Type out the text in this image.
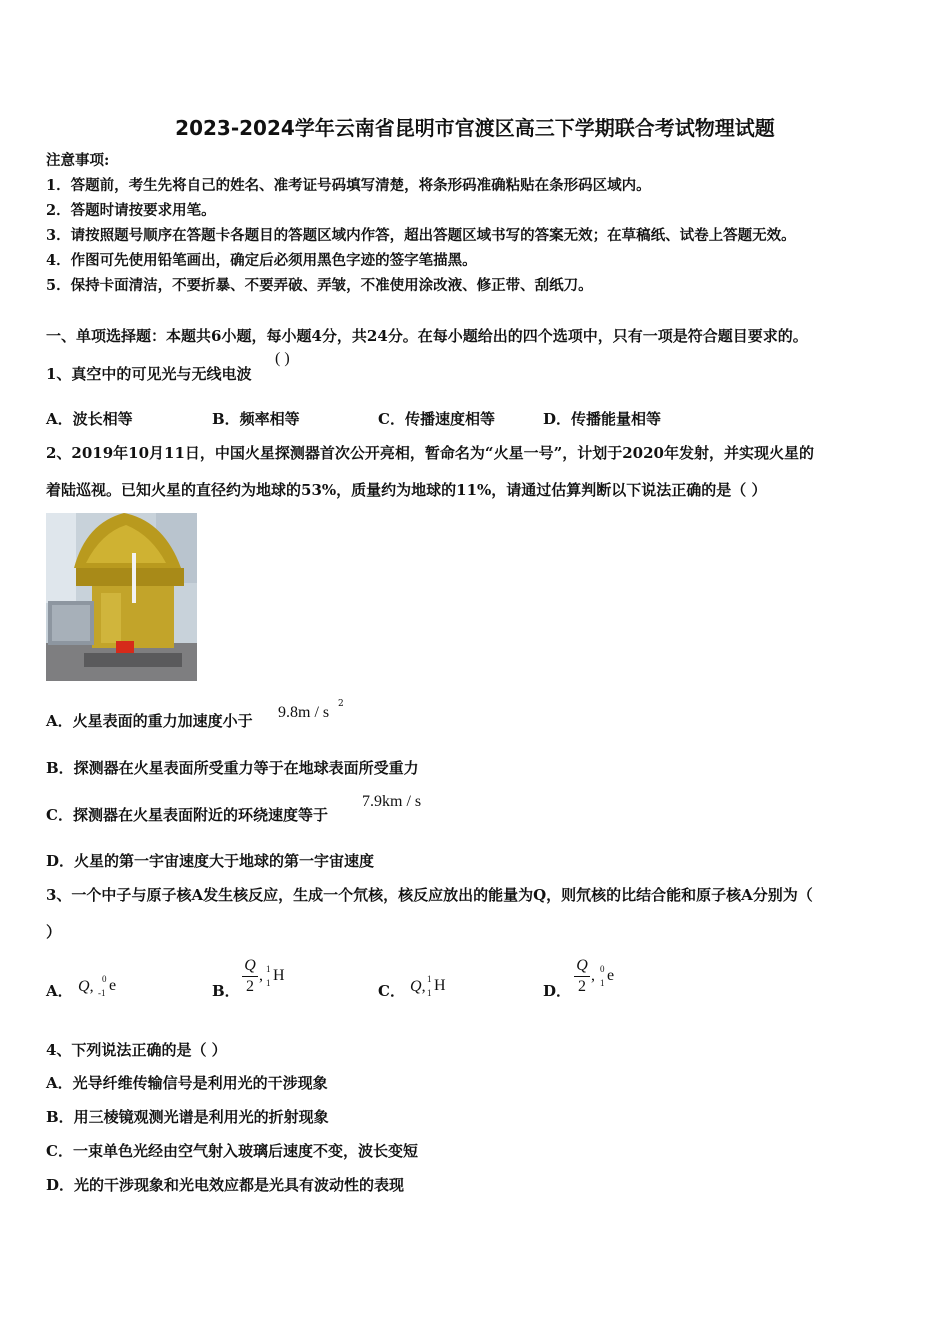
2023-2024学年云南省昆明市官渡区高三下学期联合考试物理试题
注意事项:
1．答题前，考生先将自己的姓名、准考证号码填写清楚，将条形码准确粘贴在条形码区域内。
2．答题时请按要求用笔。
3．请按照题号顺序在答题卡各题目的答题区域内作答，超出答题区域书写的答案无效；在草稿纸、试卷上答题无效。
4．作图可先使用铅笔画出，确定后必须用黑色字迹的签字笔描黑。
5．保持卡面清洁，不要折暴、不要弄破、弄皱，不准使用涂改液、修正带、刮纸刀。
一、单项选择题：本题共6小题，每小题4分，共24分。在每小题给出的四个选项中，只有一项是符合题目要求的。
1、真空中的可见光与无线电波
( )
A．波长相等	B．频率相等	C．传播速度相等	D．传播能量相等
2、2019年10月11日，中国火星探测器首次公开亮相，暂命名为“火星一号”，计划于2020年发射，并实现火星的
着陆巡视。已知火星的直径约为地球的53%，质量约为地球的11%，请通过估算判断以下说法正确的是（ ）
A．火星表面的重力加速度小于 9.8m / s 2
B．探测器在火星表面所受重力等于在地球表面所受重力
C．探测器在火星表面附近的环绕速度等于
7.9km / s
D．火星的第一宇宙速度大于地球的第一宇宙速度
3、一个中子与原子核A发生核反应，生成一个氘核，核反应放出的能量为Q，则氘核的比结合能和原子核A分别为（
）
A． Q, 0
-1 e	B．
Q
2
, 1
1 H
C． Q, 1
1 H	D．
Q
2
, 0
1 e
4、下列说法正确的是（ ）
A．光导纤维传输信号是利用光的干涉现象
B．用三棱镜观测光谱是利用光的折射现象
C．一束单色光经由空气射入玻璃后速度不变，波长变短
D．光的干涉现象和光电效应都是光具有波动性的表现
